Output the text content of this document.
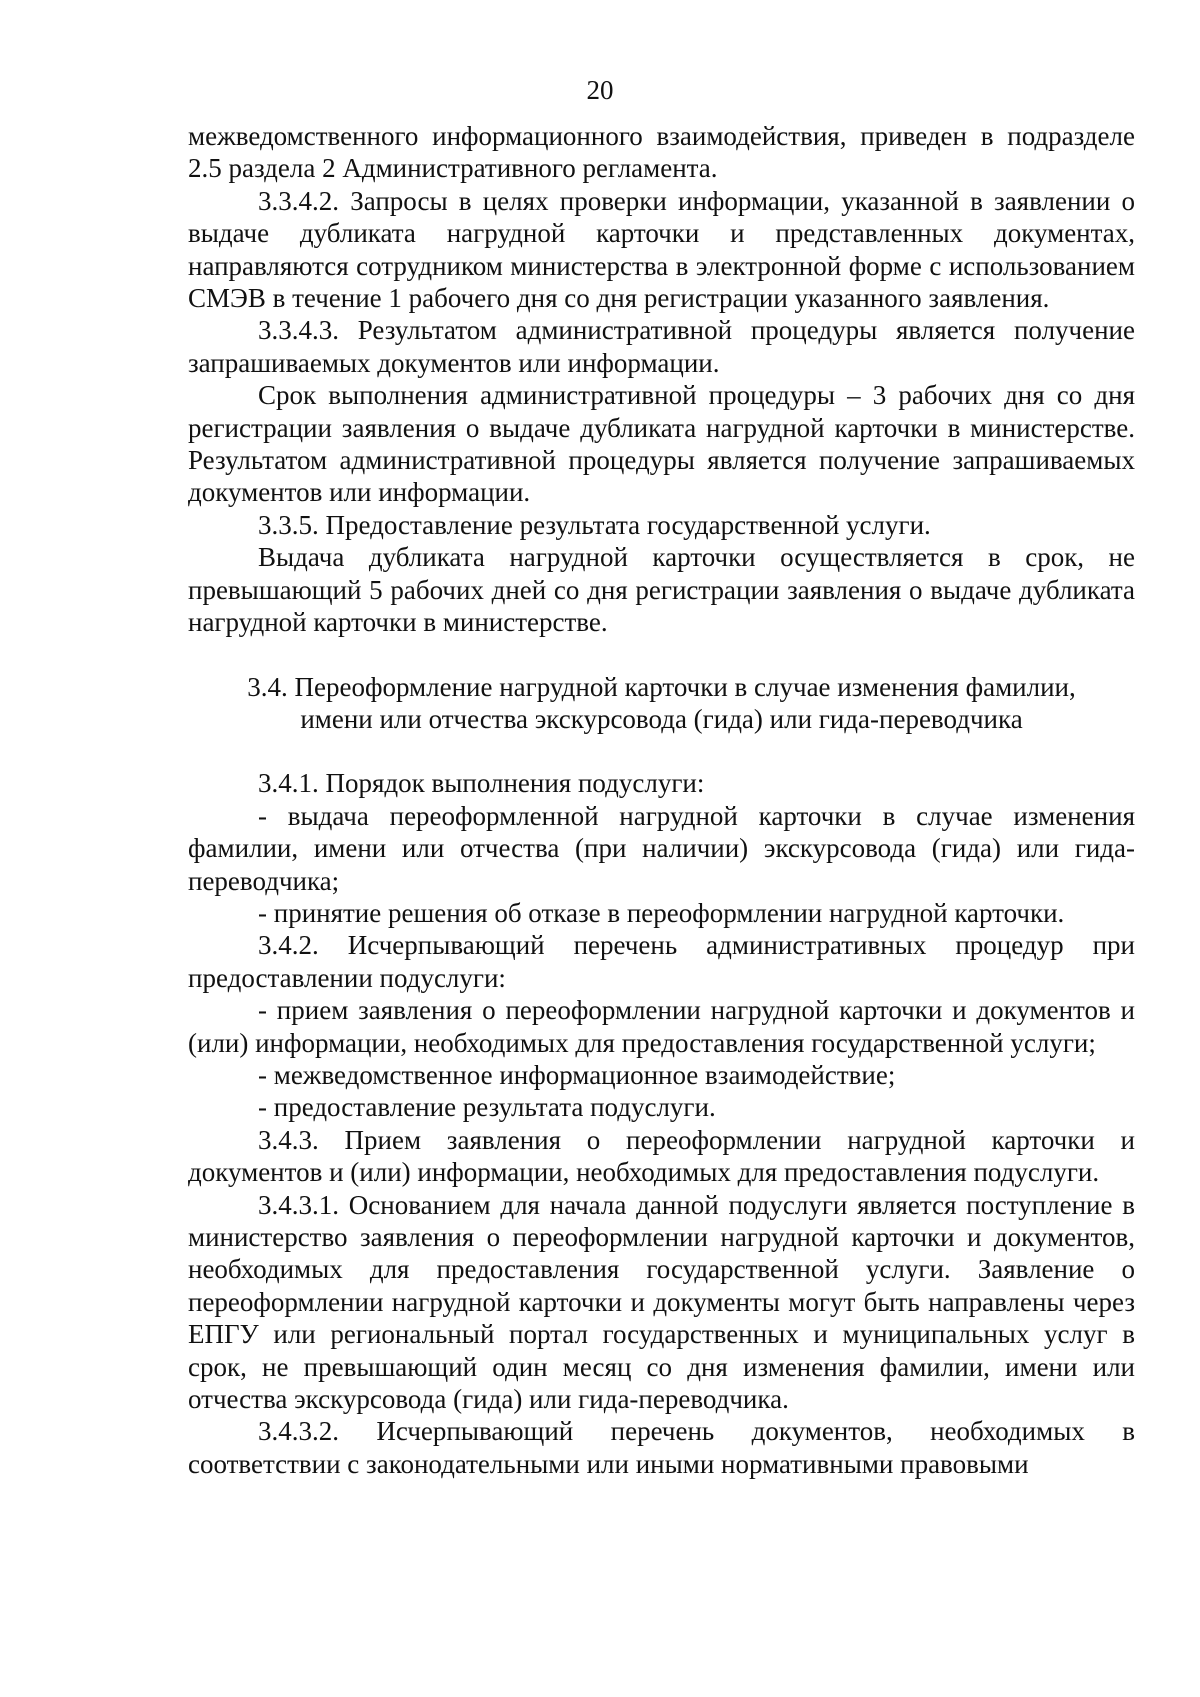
20

межведомственного информационного взаимодействия, приведен в подразделе 2.5 раздела 2 Административного регламента.

3.3.4.2. Запросы в целях проверки информации, указанной в заявлении о выдаче дубликата нагрудной карточки и представленных документах, направляются сотрудником министерства в электронной форме с использованием СМЭВ в течение 1 рабочего дня со дня регистрации указанного заявления.

3.3.4.3. Результатом административной процедуры является получение запрашиваемых документов или информации.

Срок выполнения административной процедуры – 3 рабочих дня со дня регистрации заявления о выдаче дубликата нагрудной карточки в министерстве. Результатом административной процедуры является получение запрашиваемых документов или информации.

3.3.5. Предоставление результата государственной услуги.

Выдача дубликата нагрудной карточки осуществляется в срок, не превышающий 5 рабочих дней со дня регистрации заявления о выдаче дубликата нагрудной карточки в министерстве.

3.4. Переоформление нагрудной карточки в случае изменения фамилии,
имени или отчества экскурсовода (гида) или гида-переводчика

3.4.1. Порядок выполнения подуслуги:

- выдача переоформленной нагрудной карточки в случае изменения фамилии, имени или отчества (при наличии) экскурсовода (гида) или гида-переводчика;

- принятие решения об отказе в переоформлении нагрудной карточки.

3.4.2. Исчерпывающий перечень административных процедур при предоставлении подуслуги:

- прием заявления о переоформлении нагрудной карточки и документов и (или) информации, необходимых для предоставления государственной услуги;

- межведомственное информационное взаимодействие;

- предоставление результата подуслуги.

3.4.3. Прием заявления о переоформлении нагрудной карточки и документов и (или) информации, необходимых для предоставления подуслуги.

3.4.3.1. Основанием для начала данной подуслуги является поступление в министерство заявления о переоформлении нагрудной карточки и документов, необходимых для предоставления государственной услуги. Заявление о переоформлении нагрудной карточки и документы могут быть направлены через ЕПГУ или региональный портал государственных и муниципальных услуг в срок, не превышающий один месяц со дня изменения фамилии, имени или отчества экскурсовода (гида) или гида-переводчика.

3.4.3.2. Исчерпывающий перечень документов, необходимых в соответствии с законодательными или иными нормативными правовыми
